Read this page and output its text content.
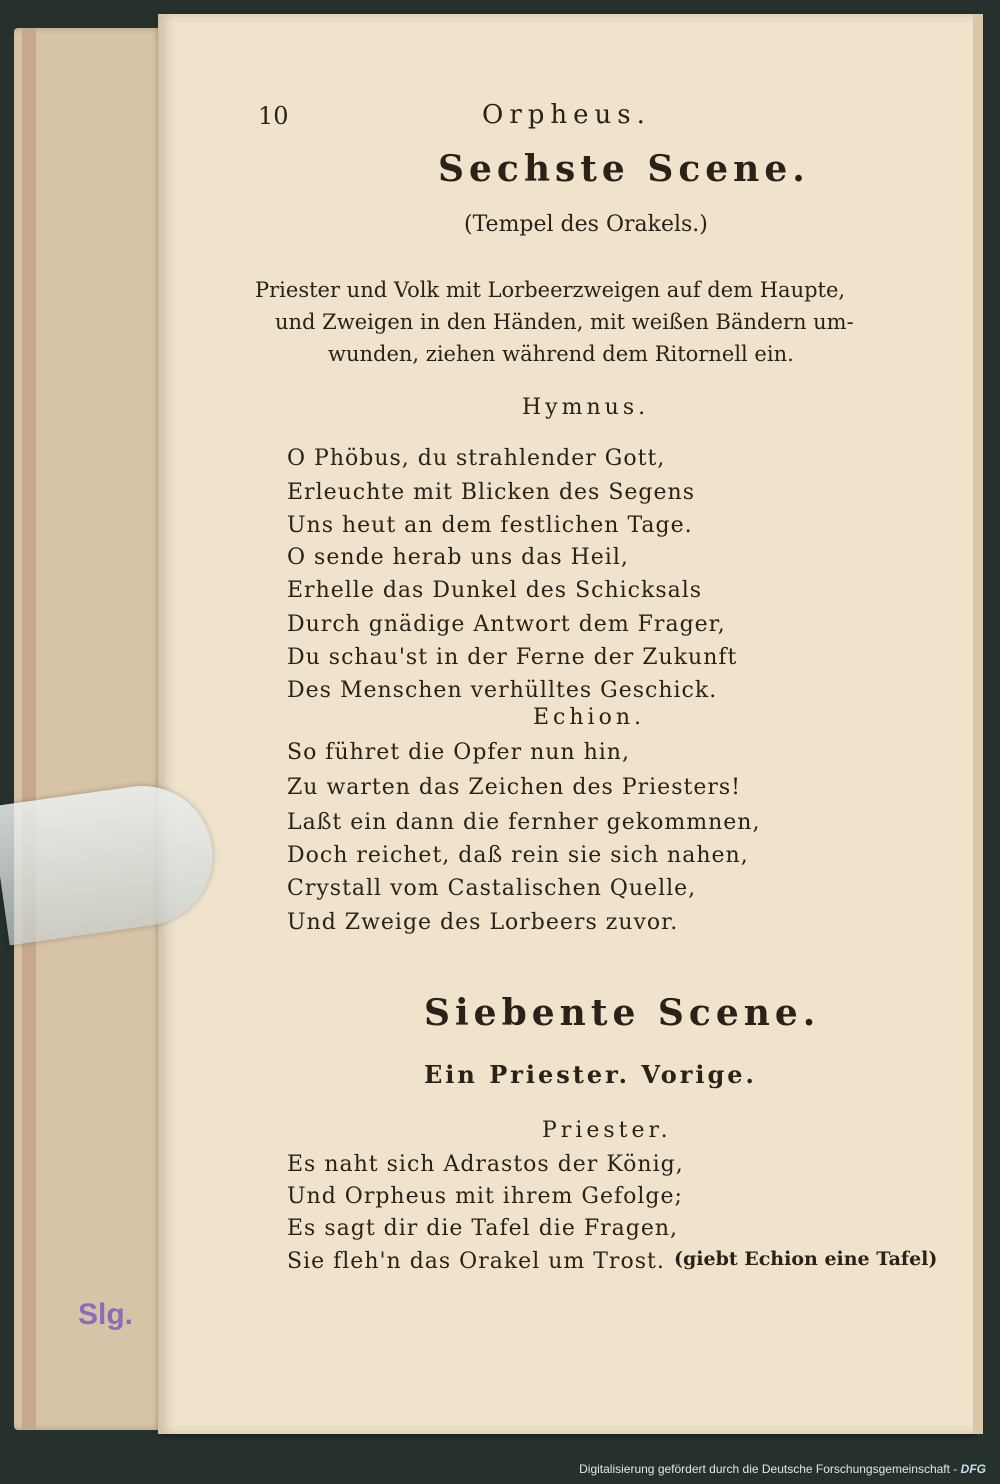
10	Orpheus.
Sechste Scene.
(Tempel des Orakels.)
Priester und Volk mit Lorbeerzweigen auf dem Haupte,
und Zweigen in den Händen, mit weißen Bändern um-
wunden, ziehen während dem Ritornell ein.
Hymnus.
O Phöbus, du strahlender Gott,
Erleuchte mit Blicken des Segens
Uns heut an dem festlichen Tage.
O sende herab uns das Heil,
Erhelle das Dunkel des Schicksals
Durch gnädige Antwort dem Frager,
Du schau'st in der Ferne der Zukunft
Des Menschen verhülltes Geschick.
Echion.
So führet die Opfer nun hin,
Zu warten das Zeichen des Priesters!
Laßt ein dann die fernher gekommnen,
Doch reichet, daß rein sie sich nahen,
Crystall vom Castalischen Quelle,
Und Zweige des Lorbeers zuvor.
Siebente Scene.
Ein Priester. Vorige.
Priester.
Es naht sich Adrastos der König,
Und Orpheus mit ihrem Gefolge;
Es sagt dir die Tafel die Fragen,
Sie fleh'n das Orakel um Trost. (giebt Echion eine Tafel)
Slg.
Digitalisierung gefördert durch die Deutsche Forschungsgemeinschaft - DFG
